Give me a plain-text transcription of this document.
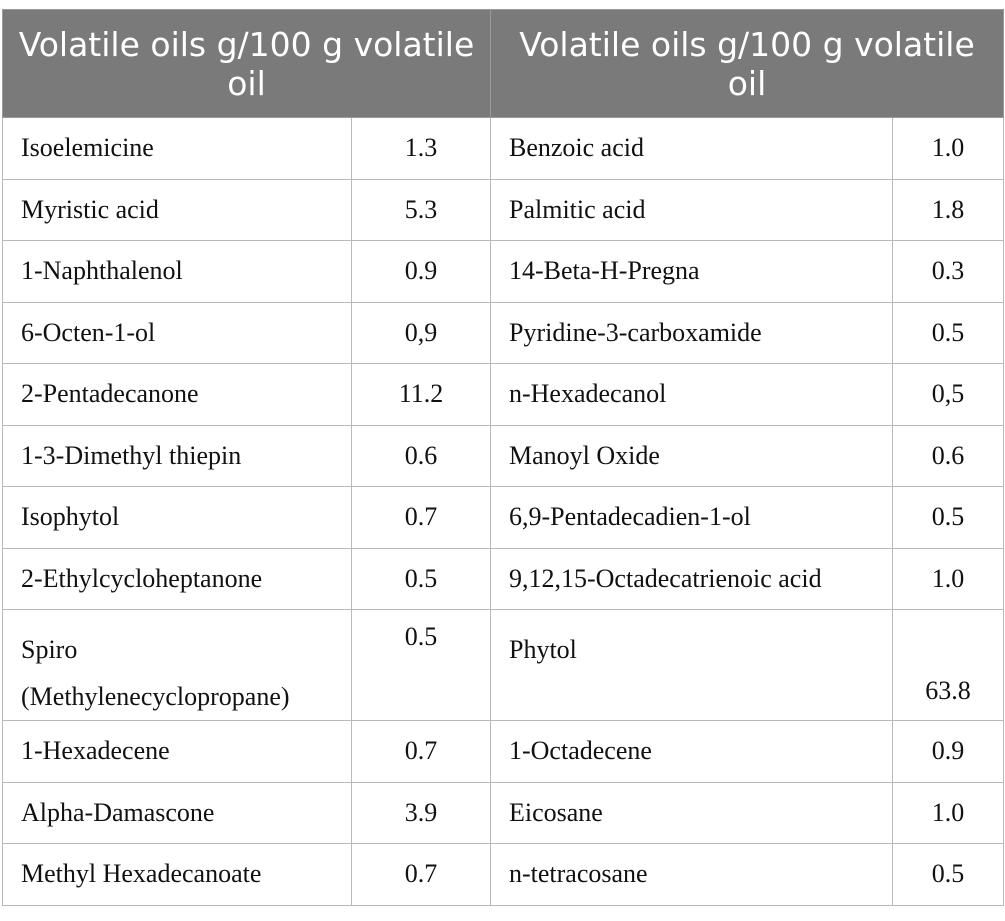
Volatile oils g/100 g volatile oil		Volatile oils g/100 g volatile oil	
Isoelemicine	1.3	Benzoic acid	1.0
Myristic acid	5.3	Palmitic acid	1.8
1-Naphthalenol	0.9	14-Beta-H-Pregna	0.3
6-Octen-1-ol	0,9	Pyridine-3-carboxamide	0.5
2-Pentadecanone	11.2	n-Hexadecanol	0,5
1-3-Dimethyl thiepin	0.6	Manoyl Oxide	0.6
Isophytol	0.7	6,9-Pentadecadien-1-ol	0.5
2-Ethylcycloheptanone	0.5	9,12,15-Octadecatrienoic acid	1.0
Spiro (Methylenecyclopropane)	0.5	Phytol	63.8
1-Hexadecene	0.7	1-Octadecene	0.9
Alpha-Damascone	3.9	Eicosane	1.0
Methyl Hexadecanoate	0.7	n-tetracosane	0.5
